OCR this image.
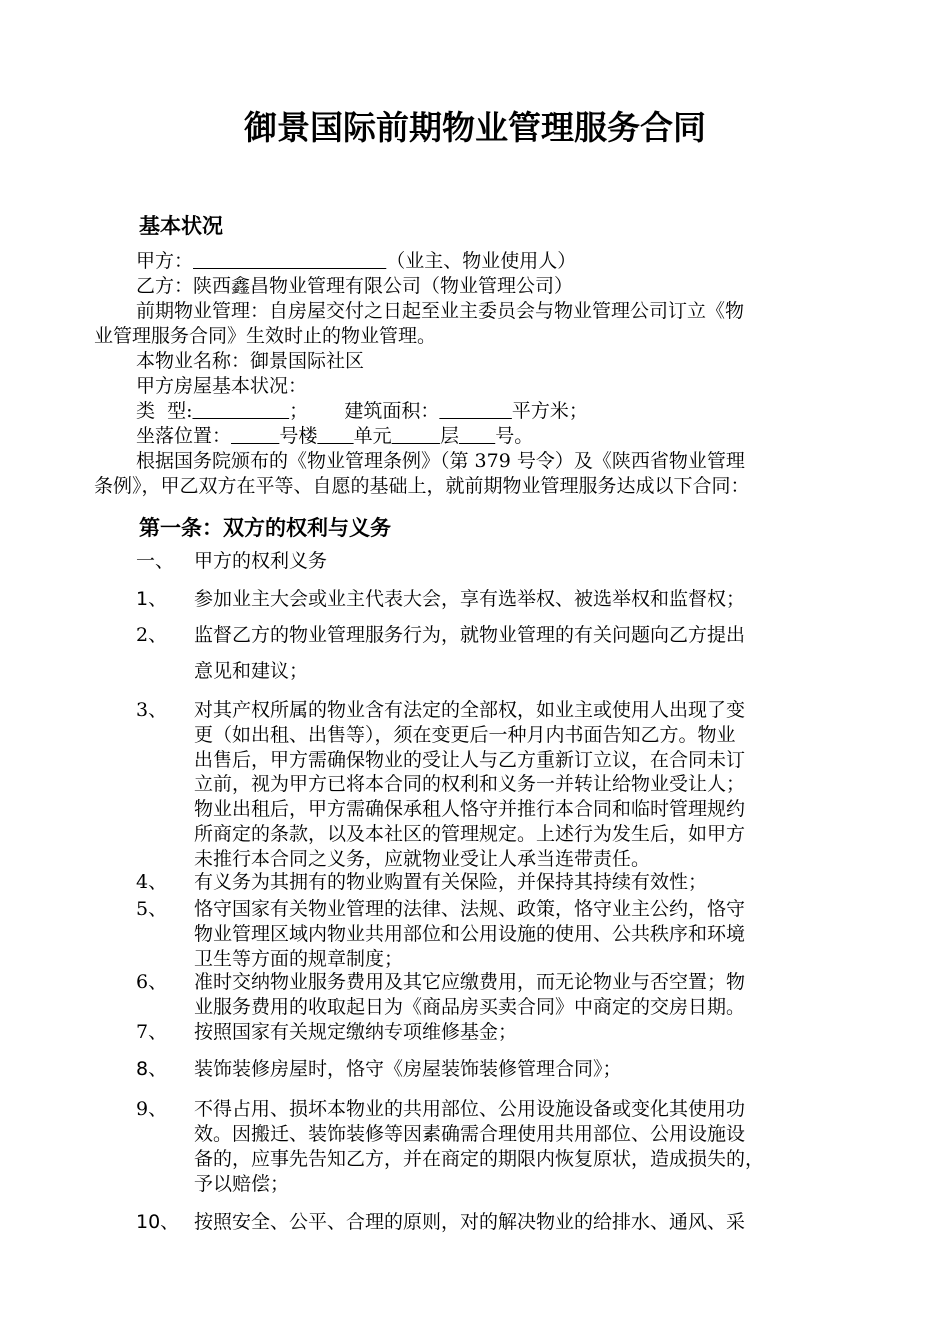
御景国际前期物业管理服务合同
基本状况
甲方：	（业主、物业使用人）
乙方：陕西鑫昌物业管理有限公司（物业管理公司）
前期物业管理：自房屋交付之日起至业主委员会与物业管理公司订立《物
业管理服务合同》生效时止的物业管理。
本物业名称：御景国际社区
甲方房屋基本状况：
类  型:	；      建筑面积：	平方米；
坐落位置：	号楼 单元	层 号。
根据国务院颁布的《物业管理条例》（第 379 号令）及《陕西省物业管理
条例》，甲乙双方在平等、自愿的基础上，就前期物业管理服务达成以下合同：
第一条：双方的权利与义务
一、 甲方的权利义务
1、 参加业主大会或业主代表大会，享有选举权、被选举权和监督权；
2、 监督乙方的物业管理服务行为，就物业管理的有关问题向乙方提出
意见和建议；
3、 对其产权所属的物业含有法定的全部权，如业主或使用人出现了变
更（如出租、出售等），须在变更后一种月内书面告知乙方。物业
出售后，甲方需确保物业的受让人与乙方重新订立议，在合同未订
立前，视为甲方已将本合同的权利和义务一并转让给物业受让人；
物业出租后，甲方需确保承租人恪守并推行本合同和临时管理规约
所商定的条款，以及本社区的管理规定。上述行为发生后，如甲方
未推行本合同之义务，应就物业受让人承当连带责任。
4、 有义务为其拥有的物业购置有关保险，并保持其持续有效性；
5、 恪守国家有关物业管理的法律、法规、政策，恪守业主公约，恪守
物业管理区域内物业共用部位和公用设施的使用、公共秩序和环境
卫生等方面的规章制度；
6、 准时交纳物业服务费用及其它应缴费用，而无论物业与否空置；物
业服务费用的收取起日为《商品房买卖合同》中商定的交房日期。
7、 按照国家有关规定缴纳专项维修基金；
8、 装饰装修房屋时，恪守《房屋装饰装修管理合同》；
9、 不得占用、损坏本物业的共用部位、公用设施设备或变化其使用功
效。因搬迁、装饰装修等因素确需合理使用共用部位、公用设施设
备的，应事先告知乙方，并在商定的期限内恢复原状，造成损失的，
予以赔偿；
10、 按照安全、公平、合理的原则，对的解决物业的给排水、通风、采
